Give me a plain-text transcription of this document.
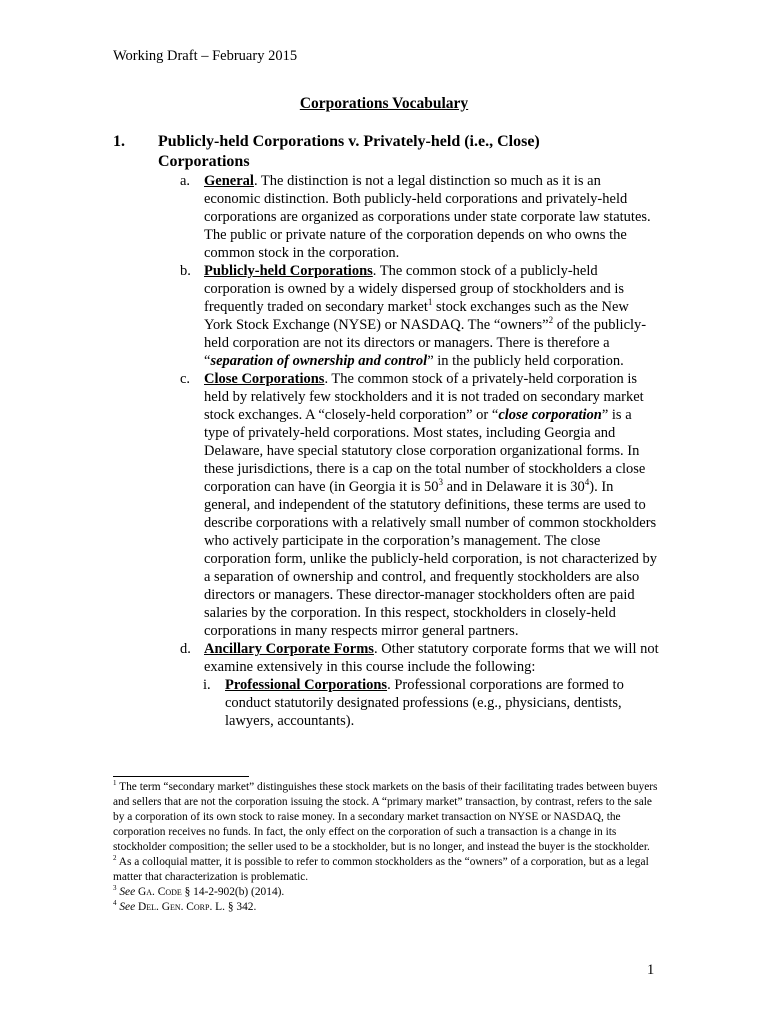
Working Draft – February 2015
Corporations Vocabulary
1. Publicly-held Corporations v. Privately-held (i.e., Close) Corporations
a. General. The distinction is not a legal distinction so much as it is an economic distinction. Both publicly-held corporations and privately-held corporations are organized as corporations under state corporate law statutes. The public or private nature of the corporation depends on who owns the common stock in the corporation.
b. Publicly-held Corporations. The common stock of a publicly-held corporation is owned by a widely dispersed group of stockholders and is frequently traded on secondary market$^1$ stock exchanges such as the New York Stock Exchange (NYSE) or NASDAQ. The “owners”$^2$ of the publicly-held corporation are not its directors or managers. There is therefore a “separation of ownership and control” in the publicly held corporation.
c. Close Corporations. The common stock of a privately-held corporation is held by relatively few stockholders and it is not traded on secondary market stock exchanges. A “closely-held corporation” or “close corporation” is a type of privately-held corporations. Most states, including Georgia and Delaware, have special statutory close corporation organizational forms. In these jurisdictions, there is a cap on the total number of stockholders a close corporation can have (in Georgia it is $50^3$ and in Delaware it is $30^4$). In general, and independent of the statutory definitions, these terms are used to describe corporations with a relatively small number of common stockholders who actively participate in the corporation’s management. The close corporation form, unlike the publicly-held corporation, is not characterized by a separation of ownership and control, and frequently stockholders are also directors or managers. These director-manager stockholders often are paid salaries by the corporation. In this respect, stockholders in closely-held corporations in many respects mirror general partners.
d. Ancillary Corporate Forms. Other statutory corporate forms that we will not examine extensively in this course include the following:
i. Professional Corporations. Professional corporations are formed to conduct statutorily designated professions (e.g., physicians, dentists, lawyers, accountants).
$^1$ The term “secondary market” distinguishes these stock markets on the basis of their facilitating trades between buyers and sellers that are not the corporation issuing the stock. A “primary market” transaction, by contrast, refers to the sale by a corporation of its own stock to raise money. In a secondary market transaction on NYSE or NASDAQ, the corporation receives no funds. In fact, the only effect on the corporation of such a transaction is a change in its stockholder composition; the seller used to be a stockholder, but is no longer, and instead the buyer is the stockholder.
$^2$ As a colloquial matter, it is possible to refer to common stockholders as the “owners” of a corporation, but as a legal matter that characterization is problematic.
$^3$ See Ga. Code § 14-2-902(b) (2014).
$^4$ See Del. Gen. Corp. L. § 342.
1
